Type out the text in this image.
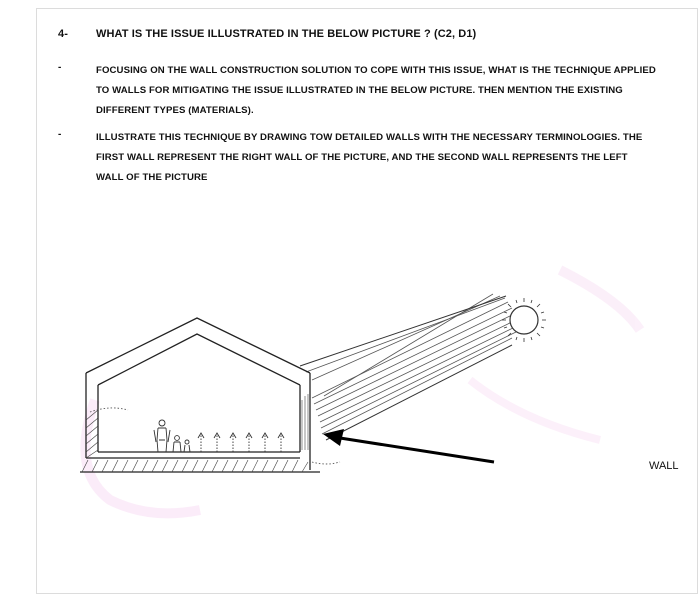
4-	WHAT IS THE ISSUE ILLUSTRATED IN THE BELOW PICTURE ? (C2, D1)
-	FOCUSING ON THE WALL CONSTRUCTION SOLUTION TO COPE WITH THIS ISSUE, WHAT IS THE TECHNIQUE APPLIED TO WALLS FOR MITIGATING THE ISSUE ILLUSTRATED IN THE BELOW PICTURE. THEN MENTION THE EXISTING DIFFERENT TYPES (MATERIALS).
-	ILLUSTRATE THIS TECHNIQUE BY DRAWING TOW DETAILED WALLS WITH THE NECESSARY TERMINOLOGIES. THE FIRST WALL REPRESENT THE RIGHT WALL OF THE PICTURE, AND THE SECOND WALL REPRESENTS THE LEFT WALL OF THE PICTURE
WALL
